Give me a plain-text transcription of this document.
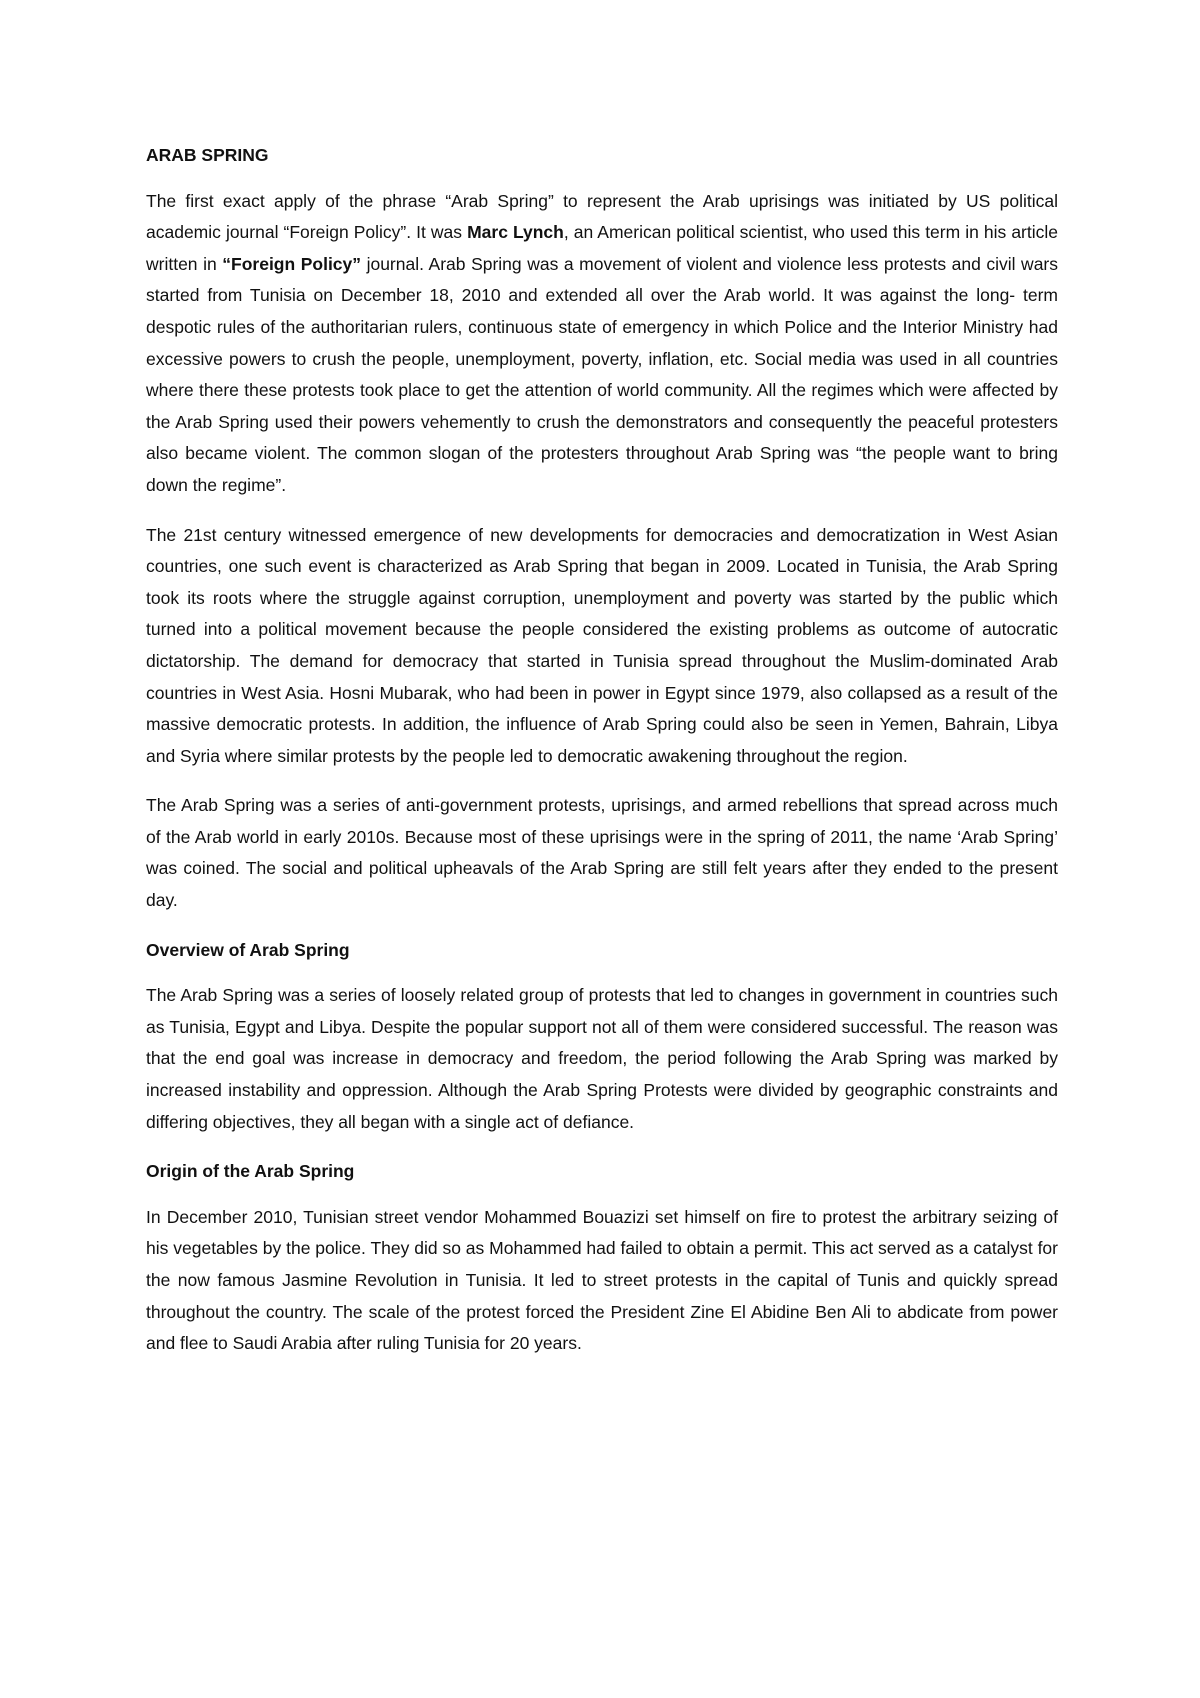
ARAB SPRING
The first exact apply of the phrase “Arab Spring” to represent the Arab uprisings was initiated by US political academic journal “Foreign Policy”. It was Marc Lynch, an American political scientist, who used this term in his article written in “Foreign Policy” journal. Arab Spring was a movement of violent and violence less protests and civil wars started from Tunisia on December 18, 2010 and extended all over the Arab world. It was against the long- term despotic rules of the authoritarian rulers, continuous state of emergency in which Police and the Interior Ministry had excessive powers to crush the people, unemployment, poverty, inflation, etc. Social media was used in all countries where there these protests took place to get the attention of world community. All the regimes which were affected by the Arab Spring used their powers vehemently to crush the demonstrators and consequently the peaceful protesters also became violent. The common slogan of the protesters throughout Arab Spring was “the people want to bring down the regime”.
The 21st century witnessed emergence of new developments for democracies and democratization in West Asian countries, one such event is characterized as Arab Spring that began in 2009. Located in Tunisia, the Arab Spring took its roots where the struggle against corruption, unemployment and poverty was started by the public which turned into a political movement because the people considered the existing problems as outcome of autocratic dictatorship. The demand for democracy that started in Tunisia spread throughout the Muslim-dominated Arab countries in West Asia. Hosni Mubarak, who had been in power in Egypt since 1979, also collapsed as a result of the massive democratic protests. In addition, the influence of Arab Spring could also be seen in Yemen, Bahrain, Libya and Syria where similar protests by the people led to democratic awakening throughout the region.
The Arab Spring was a series of anti-government protests, uprisings, and armed rebellions that spread across much of the Arab world in early 2010s. Because most of these uprisings were in the spring of 2011, the name ‘Arab Spring’ was coined. The social and political upheavals of the Arab Spring are still felt years after they ended to the present day.
Overview of Arab Spring
The Arab Spring was a series of loosely related group of protests that led to changes in government in countries such as Tunisia, Egypt and Libya. Despite the popular support not all of them were considered successful. The reason was that the end goal was increase in democracy and freedom, the period following the Arab Spring was marked by increased instability and oppression. Although the Arab Spring Protests were divided by geographic constraints and differing objectives, they all began with a single act of defiance.
Origin of the Arab Spring
In December 2010, Tunisian street vendor Mohammed Bouazizi set himself on fire to protest the arbitrary seizing of his vegetables by the police. They did so as Mohammed had failed to obtain a permit. This act served as a catalyst for the now famous Jasmine Revolution in Tunisia. It led to street protests in the capital of Tunis and quickly spread throughout the country. The scale of the protest forced the President Zine El Abidine Ben Ali to abdicate from power and flee to Saudi Arabia after ruling Tunisia for 20 years.
